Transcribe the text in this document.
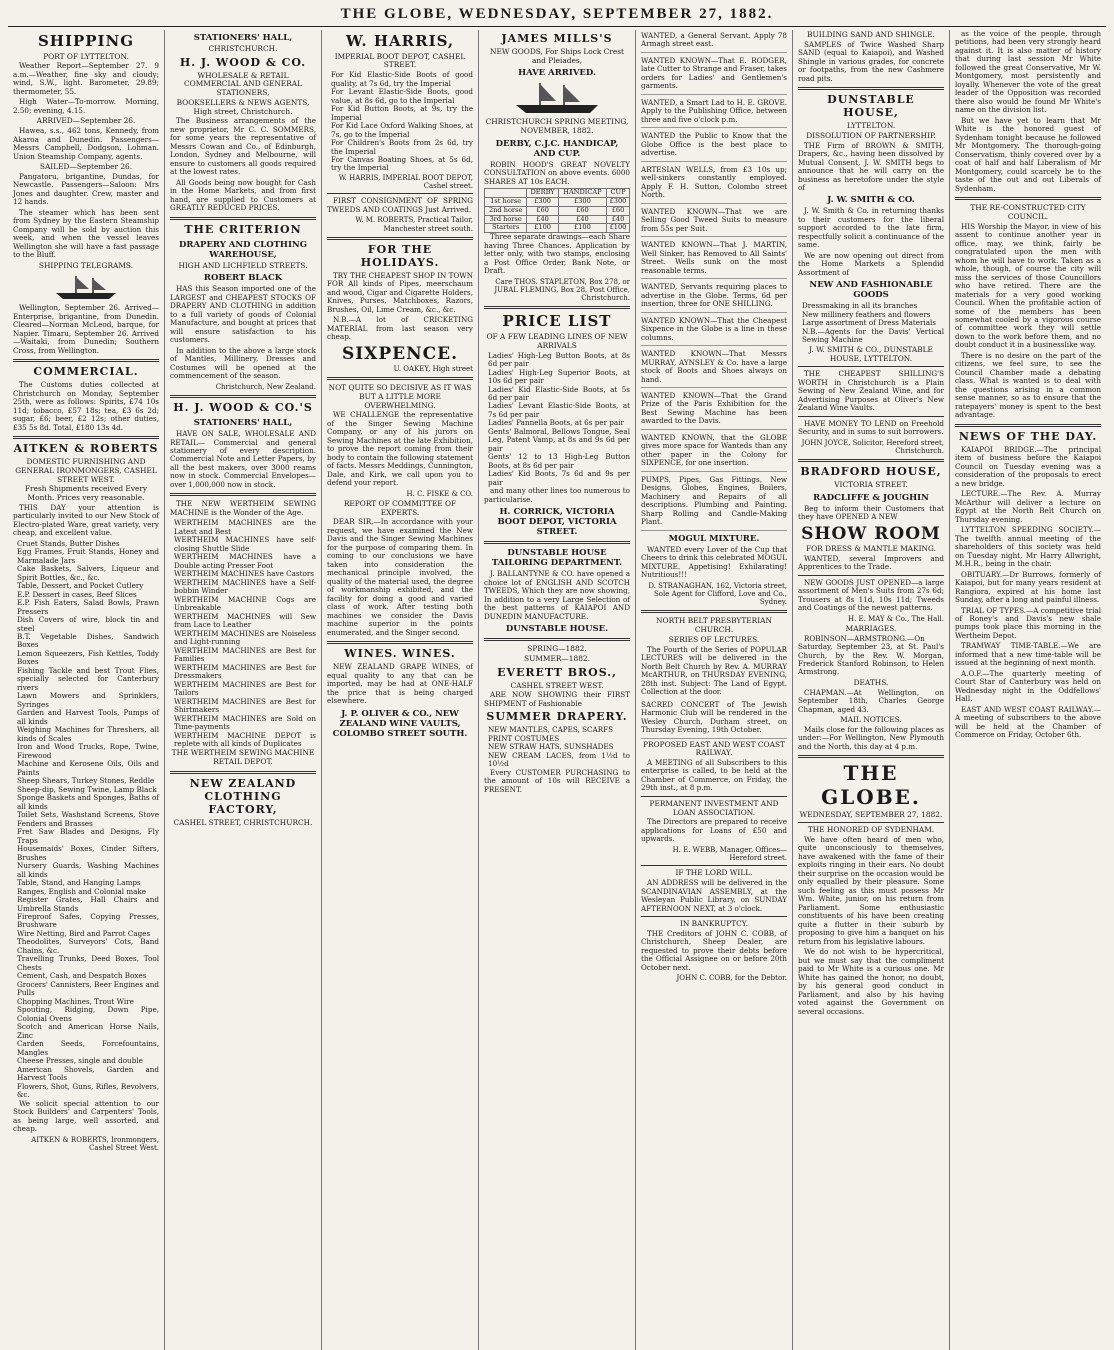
THE GLOBE, WEDNESDAY, SEPTEMBER 27, 1882.
SHIPPING
PORT OF LYTTELTON.

Weather Report—September 27. 9 a.m.—Weather, fine sky and cloudy; wind, S.W., light. Barometer, 29.89; thermometer, 55.

High Water—To-morrow. Morning, 2.50; evening, 4.15.

ARRIVED—September 26.

Hawea, s.s., 462 tons, Kennedy, from Akaroa and Dunedin. Passengers—Messrs Campbell, Dodgson, Lohman. Union Steamship Company, agents.

SAILED—September 26.

Pangatoru, brigantine, Dundas, for Newcastle. Passengers—Saloon: Mrs Jones and daughter. Crew, master and 12 hands.

The steamer which has been sent from Sydney by the Eastern Steamship Company will be sold by auction this week, and when the vessel leaves Wellington she will have a fast passage to the Bluff.

SHIPPING TELEGRAMS.

Wellington, September 26. Arrived—Enterprise, brigantine, from Dunedin. Cleared—Norman McLeod, barque, for Napier. Timaru, September 26. Arrived—Waitaki, from Dunedin; Southern Cross, from Wellington.

COMMERCIAL.

The Customs duties collected at Christchurch on Monday, September 25th, were as follows: Spirits, £74 10s 11d; tobacco, £57 18s; tea, £3 6s 2d; sugar, £6; beer, £2 12s; other duties, £35 5s 8d. Total, £180 13s 4d.

AITKEN & ROBERTS
DOMESTIC FURNISHING AND GENERAL IRONMONGERS, CASHEL STREET WEST.
Fresh Shipments received Every Month. Prices very reasonable.

THIS DAY your attention is particularly invited to our New Stock of Electro-plated Ware, great variety, very cheap, and excellent value.

Cruet Stands, Butter Dishes
Egg Frames, Fruit Stands, Honey and Marmalade Jars
Cake Baskets, Salvers, Liqueur and Spirit Bottles, &c., &c.
Table, Dessert, and Pocket Cutlery
E.P. Dessert in cases, Beef Slices
E.P. Fish Eaters, Salad Bowls, Prawn Pressers
Dish Covers of wire, block tin and steel
B.T. Vegetable Dishes, Sandwich Boxes
Lemon Squeezers, Fish Kettles, Toddy Boxes
Fishing Tackle and best Trout Flies, specially selected for Canterbury rivers
Lawn Mowers and Sprinklers, Syringes
Garden and Harvest Tools, Pumps of all kinds
Weighing Machines for Threshers, all kinds of Scales
Iron and Wood Trucks, Rope, Twine, Firewood
Machine and Kerosene Oils, Oils and Paints
Sheep Shears, Turkey Stones, Reddle
Sheep-dip, Sewing Twine, Lamp Black
Sponge Baskets and Sponges, Baths of all kinds
Toilet Sets, Washstand Screens, Stove Fenders and Brasses
Fret Saw Blades and Designs, Fly Traps
Housemaids' Boxes, Cinder Sifters, Brushes
Nursery Guards, Washing Machines all kinds
Table, Stand, and Hanging Lamps
Ranges, English and Colonial make
Register Grates, Hall Chairs and Umbrella Stands
Fireproof Safes, Copying Presses, Brushware
Wire Netting, Bird and Parrot Cages
Theodolites, Surveyors' Cots, Band Chains, &c.
Travelling Trunks, Deed Boxes, Tool Chests
Cement, Cash, and Despatch Boxes
Grocers' Cannisters, Beer Engines and Pulls
Chopping Machines, Trout Wire
Spouting, Ridging, Down Pipe, Colonial Ovens
Scotch and American Horse Nails, Zinc
Carden Seeds, Forcefountains, Mangles
Cheese Presses, single and double
American Shovels, Garden and Harvest Tools
Flowers, Shot, Guns, Rifles, Revolvers, &c.

We solicit special attention to our Stock Builders' and Carpenters' Tools, as being large, well assorted, and cheap.

AITKEN & ROBERTS, Ironmongers, Cashel Street West.
STATIONERS' HALL,
CHRISTCHURCH.
H. J. WOOD & CO.
WHOLESALE & RETAIL COMMERCIAL AND GENERAL STATIONERS,
BOOKSELLERS & NEWS AGENTS, High street, Christchurch.

The Business arrangements of the new proprietor, Mr C. C. SOMMERS, for some years the representative of Messrs Cowan and Co., of Edinburgh, London, Sydney and Melbourne, will ensure to customers all goods required at the lowest rates.

All Goods being now bought for Cash in the Home Markets, and from first hand, are supplied to Customers at GREATLY REDUCED PRICES.

THE CRITERION
DRAPERY AND CLOTHING WAREHOUSE,
HIGH AND LICHFIELD STREETS.
ROBERT BLACK

HAS this Season imported one of the LARGEST and CHEAPEST STOCKS OF DRAPERY AND CLOTHING in addition to a full variety of goods of Colonial Manufacture, and bought at prices that will ensure satisfaction to his customers.

In addition to the above a large stock of Mantles, Millinery, Dresses and Costumes will be opened at the commencement of the season.

Christchurch, New Zealand.
H. J. WOOD & CO.'S
STATIONERS' HALL,

HAVE ON SALE, WHOLESALE AND RETAIL— Commercial and general stationery of every description. Commercial Note and Letter Papers, by all the best makers, over 3000 reams now in stock. Commercial Envelopes—over 1,000,000 now in stock.

THE NEW WERTHEIM SEWING MACHINE is the Wonder of the Age.

WERTHEIM MACHINES are the Latest and Best
WERTHEIM MACHINES have self-closing Shuttle Slide
WERTHEIM MACHINES have a Double acting Presser Foot
WERTHEIM MACHINES have Castors
WERTHEIM MACHINES have a Self-bobbin Winder
WERTHEIM MACHINE Cogs are Unbreakable
WERTHEIM MACHINES will Sew from Lace to Leather
WERTHEIM MACHINES are Noiseless and Light-running
WERTHEIM MACHINES are Best for Families
WERTHEIM MACHINES are Best for Dressmakers
WERTHEIM MACHINES are Best for Tailors
WERTHEIM MACHINES are Best for Shirtmakers
WERTHEIM MACHINES are Sold on Time-payments
WERTHEIM MACHINE DEPOT is replete with all kinds of Duplicates
THE WERTHEIM SEWING MACHINE RETAIL DEPOT.
NEW ZEALAND CLOTHING FACTORY,
CASHEL STREET, CHRISTCHURCH.
W. HARRIS,
IMPERIAL BOOT DEPOT, CASHEL STREET.
For Kid Elastic-Side Boots of good quality, at 7s 6d, try the Imperial
For Levant Elastic-Side Boots, good value, at 8s 6d, go to the Imperial
For Kid Button Boots, at 9s, try the Imperial
For Kid Lace Oxford Walking Shoes, at 7s, go to the Imperial
For Children's Boots from 2s 6d, try the Imperial
For Canvas Boating Shoes, at 5s 6d, try the Imperial
W. HARRIS, IMPERIAL BOOT DEPOT, Cashel street.

FIRST CONSIGNMENT OF SPRING TWEEDS AND COATINGS Just Arrived.

W. M. ROBERTS, Practical Tailor, Manchester street south.
FOR THE HOLIDAYS.

TRY THE CHEAPEST SHOP IN TOWN FOR All kinds of Pipes, meerschaum and wood, Cigar and Cigarette Holders, Knives, Purses, Matchboxes, Razors, Brushes, Oil, Lime Cream, &c., &c.

N.B.—A lot of CRICKETING MATERIAL from last season very cheap.

SIXPENCE.
U. OAKEY, High street
NOT QUITE SO DECISIVE AS IT WAS BUT A LITTLE MORE OVERWHELMING.

WE CHALLENGE the representative of the Singer Sewing Machine Company, or any of his jurors on Sewing Machines at the late Exhibition, to prove the report coming from their body to contain the following statement of facts. Messrs Meddings, Cunnington, Dale, and Kirk, we call upon you to defend your report.

H. C. FISKE & CO.
REPORT OF COMMITTEE OF EXPERTS.

DEAR SIR,—In accordance with your request, we have examined the New Davis and the Singer Sewing Machines for the purpose of comparing them. In coming to our conclusions we have taken into consideration the mechanical principle involved, the quality of the material used, the degree of workmanship exhibited, and the facility for doing a good and varied class of work. After testing both machines we consider the Davis machine superior in the points enumerated, and the Singer second.

WINES. WINES.

NEW ZEALAND GRAPE WINES, of equal quality to any that can be imported, may be had at ONE-HALF the price that is being charged elsewhere.

J. P. OLIVER & CO., NEW ZEALAND WINE VAULTS, COLOMBO STREET SOUTH.
JAMES MILLS'S
NEW GOODS, For Ships Lock Crest and Pleiades,
HAVE ARRIVED.
CHRISTCHURCH SPRING MEETING, NOVEMBER, 1882.
DERBY, C.J.C. HANDICAP, AND CUP.

ROBIN HOOD'S GREAT NOVELTY CONSULTATION on above events. 6000 SHARES AT 10s EACH.

	DERBY	HANDICAP	CUP
1st horse	£300	£300	£300
2nd horse	£60	£60	£60
3rd horse	£40	£40	£40
Starters	£100	£100	£100

Three separate drawings—each Share having Three Chances. Application by letter only, with two stamps, enclosing a Post Office Order, Bank Note, or Draft.

Care THOS. STAPLETON, Box 278, or JUBAL FLEMING, Box 28, Post Office, Christchurch.
PRICE LIST
OF A FEW LEADING LINES OF NEW ARRIVALS
Ladies' High-Leg Button Boots, at 8s 6d per pair
Ladies' High-Leg Superior Boots, at 10s 6d per pair
Ladies' Kid Elastic-Side Boots, at 5s 6d per pair
Ladies' Levant Elastic-Side Boots, at 7s 6d per pair
Ladies' Pannella Boots, at 6s per pair
Gents' Balmoral, Bellows Tongue, Seal Leg, Patent Vamp, at 8s and 9s 6d per pair
Gents' 12 to 13 High-Leg Button Boots, at 8s 6d per pair
Ladies' Kid Boots, 7s 6d and 9s per pair

and many other lines too numerous to particularise.

H. CORRICK, VICTORIA BOOT DEPOT, VICTORIA STREET.
DUNSTABLE HOUSE TAILORING DEPARTMENT.

J. BALLANTYNE & CO. have opened a choice lot of ENGLISH AND SCOTCH TWEEDS, Which they are now showing, In addition to a very Large Selection of the best patterns of KAIAPOI AND DUNEDIN MANUFACTURE.

DUNSTABLE HOUSE.
SPRING—1882.
SUMMER—1882.
EVERETT BROS.,
CASHEL STREET WEST.

ARE NOW SHOWING their FIRST SHIPMENT of Fashionable

SUMMER DRAPERY.
NEW MANTLES, CAPES, SCARFS
PRINT COSTUMES
NEW STRAW HATS, SUNSHADES
NEW CREAM LACES, from 1½d to 10½d

Every CUSTOMER PURCHASING to the amount of 10s will RECEIVE a PRESENT.

WANTED, a General Servant. Apply 78 Armagh street east.
WANTED KNOWN—That E. RODGER, late Cutter to Strange and Fraser, takes orders for Ladies' and Gentlemen's garments.
WANTED, a Smart Lad to H. E. GROVE. Apply to the Publishing Office, between three and five o'clock p.m.
WANTED the Public to Know that the Globe Office is the best place to advertise.
ARTESIAN WELLS, from £3 10s up; well-sinkers constantly employed. Apply F. H. Sutton, Colombo street North.
WANTED KNOWN—That we are Selling Good Tweed Suits to measure from 55s per Suit.
WANTED KNOWN—That J. MARTIN, Well Sinker, has Removed to All Saints' Street. Wells sunk on the most reasonable terms.
WANTED, Servants requiring places to advertise in the Globe. Terms, 6d per insertion, three for ONE SHILLING.
WANTED KNOWN—That the Cheapest Sixpence in the Globe is a line in these columns.
WANTED KNOWN—That Messrs MURRAY, AYNSLEY & Co. have a large stock of Boots and Shoes always on hand.
WANTED KNOWN—That the Grand Prize of the Paris Exhibition for the Best Sewing Machine has been awarded to the Davis.
WANTED KNOWN, that the GLOBE gives more space for Wanteds than any other paper in the Colony for SIXPENCE, for one insertion.
PUMPS, Pipes, Gas Fittings, New Designs, Globes, Engines, Boilers, Machinery and Repairs of all descriptions. Plumbing and Painting. Sharp Rolling and Candle-Making Plant.
MOGUL MIXTURE.

WANTED every Lover of the Cup that Cheers to drink this celebrated MOGUL MIXTURE. Appetising! Exhilarating! Nutritious!!!

D. STRANAGHAN, 162, Victoria street, Sole Agent for Clifford, Love and Co., Sydney.
NORTH BELT PRESBYTERIAN CHURCH.
SERIES OF LECTURES.

The Fourth of the Series of POPULAR LECTURES will be delivered in the North Belt Church by Rev. A. MURRAY McARTHUR, on THURSDAY EVENING, 28th inst. Subject: The Land of Egypt. Collection at the door.

SACRED CONCERT of The Jewish Harmonic Club will be rendered in the Wesley Church, Durham street, on Thursday Evening, 19th October.
PROPOSED EAST AND WEST COAST RAILWAY.

A MEETING of all Subscribers to this enterprise is called, to be held at the Chamber of Commerce, on Friday, the 29th inst., at 8 p.m.

PERMANENT INVESTMENT AND LOAN ASSOCIATION.

The Directors are prepared to receive applications for Loans of £50 and upwards.

H. E. WEBB, Manager, Offices—Hereford street.
IF THE LORD WILL.

AN ADDRESS will be delivered in the SCANDINAVIAN ASSEMBLY, at the Wesleyan Public Library, on SUNDAY AFTERNOON NEXT, at 3 o'clock.

IN BANKRUPTCY.

THE Creditors of JOHN C. COBB, of Christchurch, Sheep Dealer, are requested to prove their debts before the Official Assignee on or before 20th October next.

JOHN C. COBB, for the Debtor.
BUILDING SAND AND SHINGLE.

SAMPLES of Twice Washed Sharp SAND (equal to Kaiapoi), and Washed Shingle in various grades, for concrete or footpaths, from the new Cashmere road pits.

DUNSTABLE HOUSE,
LYTTELTON.
DISSOLUTION OF PARTNERSHIP.

THE Firm of BROWN & SMITH, Drapers, &c., having been dissolved by Mutual Consent, J. W. SMITH begs to announce that he will carry on the business as heretofore under the style of

J. W. SMITH & CO.

J. W. Smith & Co. in returning thanks to their customers for the liberal support accorded to the late firm, respectfully solicit a continuance of the same.

We are now opening out direct from the Home Markets a Splendid Assortment of

NEW AND FASHIONABLE GOODS
Dressmaking in all its branches
New millinery feathers and flowers
Large assortment of Dress Materials
N.B.—Agents for the Davis' Vertical Sewing Machine
J. W. SMITH & CO., DUNSTABLE HOUSE, LYTTELTON.

THE CHEAPEST SHILLING'S WORTH in Christchurch is a Plain Sewing of New Zealand Wine, and for Advertising Purposes at Oliver's New Zealand Wine Vaults.

HAVE MONEY TO LEND on Freehold Security, and in sums to suit borrowers.

JOHN JOYCE, Solicitor, Hereford street, Christchurch.
BRADFORD HOUSE,
VICTORIA STREET.
RADCLIFFE & JOUGHIN

Beg to inform their Customers that they have OPENED A NEW

SHOW ROOM
FOR DRESS & MANTLE MAKING.

WANTED, several Improvers and Apprentices to the Trade.

NEW GOODS JUST OPENED—a large assortment of Men's Suits from 27s 6d; Trousers at 8s 11d, 10s 11d; Tweeds and Coatings of the newest patterns.

H. E. MAY & Co., The Hall.
MARRIAGES.

ROBINSON—ARMSTRONG.—On Saturday, September 23, at St. Paul's Church, by the Rev. W. Morgan, Frederick Stanford Robinson, to Helen Armstrong.

DEATHS.

CHAPMAN.—At Wellington, on September 18th, Charles George Chapman, aged 43.

MAIL NOTICES.

Mails close for the following places as under:—For Wellington, New Plymouth and the North, this day at 4 p.m.

THE GLOBE.
WEDNESDAY, SEPTEMBER 27, 1882.
THE HONORED OF SYDENHAM.

We have often heard of men who, quite unconsciously to themselves, have awakened with the fame of their exploits ringing in their ears. No doubt their surprise on the occasion would be only equalled by their pleasure. Some such feeling as this must possess Mr Wm. White, junior, on his return from Parliament. Some enthusiastic constituents of his have been creating quite a flutter in their suburb by proposing to give him a banquet on his return from his legislative labours.

We do not wish to be hypercritical, but we must say that the compliment paid to Mr White is a curious one. Mr White has gained the honor, no doubt, by his general good conduct in Parliament, and also by his having voted against the Government on several occasions.

as the voice of the people, through petitions, had been very strongly heard against it. It is also matter of history that during last session Mr White followed the great Conservative, Mr W. Montgomery, most persistently and loyally. Whenever the vote of the great leader of the Opposition was recorded there also would be found Mr White's name on the division list.

But we have yet to learn that Mr White is the honored guest of Sydenham tonight because he followed Mr Montgomery. The thorough-going Conservatism, thinly covered over by a coat of half and half Liberalism of Mr Montgomery, could scarcely be to the taste of the out and out Liberals of Sydenham.

THE RE-CONSTRUCTED CITY COUNCIL.

HIS Worship the Mayor, in view of his assent to continue another year in office, may, we think, fairly be congratulated upon the men with whom he will have to work. Taken as a whole, though, of course the city will miss the services of those Councillors who have retired. There are the materials for a very good working Council. When the profitable action of some of the members has been somewhat cooled by a vigorous course of committee work they will settle down to the work before them, and no doubt conduct it in a businesslike way.

There is no desire on the part of the citizens, we feel sure, to see the Council Chamber made a debating class. What is wanted is to deal with the questions arising in a common sense manner, so as to ensure that the ratepayers' money is spent to the best advantage.

NEWS OF THE DAY.

KAIAPOI BRIDGE.—The principal item of business before the Kaiapoi Council on Tuesday evening was a consideration of the proposals to erect a new bridge.

LECTURE.—The Rev. A. Murray McArthur will deliver a lecture on Egypt at the North Belt Church on Thursday evening.

LYTTELTON SPEEDING SOCIETY.—The twelfth annual meeting of the shareholders of this society was held on Tuesday night, Mr Harry Allwright, M.H.R., being in the chair.

OBITUARY.—Dr Burrows, formerly of Kaiapoi, but for many years resident at Rangiora, expired at his home last Sunday, after a long and painful illness.

TRIAL OF TYPES.—A competitive trial of Roney's and Davis's new shale pumps took place this morning in the Wertheim Depot.

TRAMWAY TIME-TABLE.—We are informed that a new time-table will be issued at the beginning of next month.

A.O.F.—The quarterly meeting of Court Star of Canterbury was held on Wednesday night in the Oddfellows' Hall.

EAST AND WEST COAST RAILWAY.—A meeting of subscribers to the above will be held at the Chamber of Commerce on Friday, October 6th.
